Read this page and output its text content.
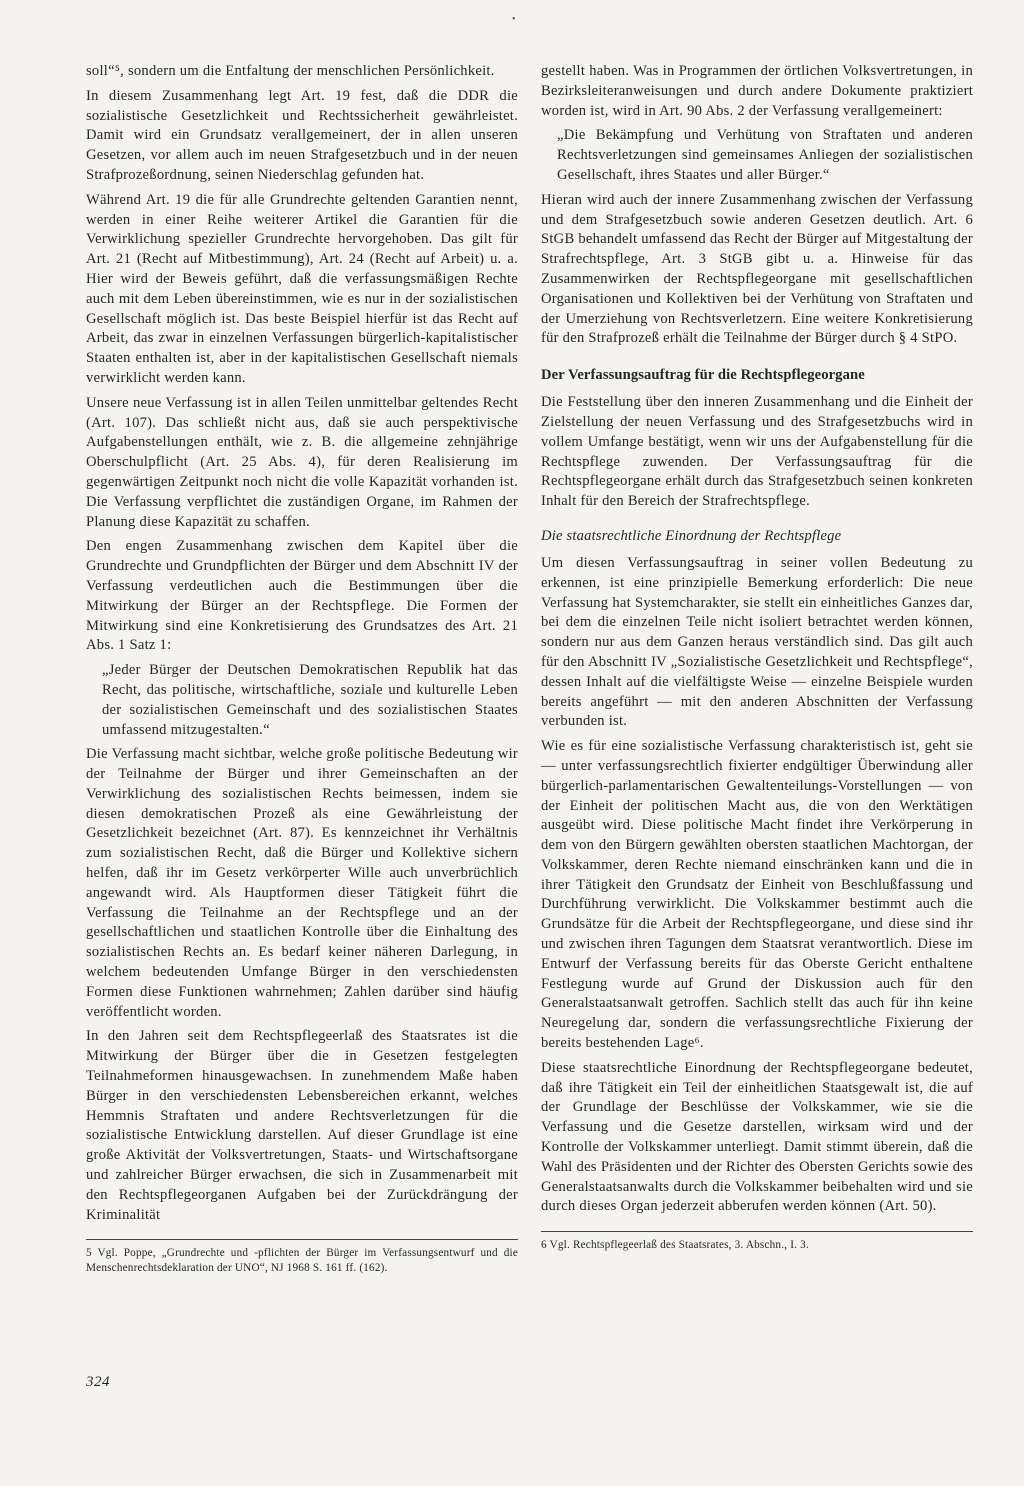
•

soll“⁵, sondern um die Entfaltung der menschlichen Persönlichkeit.

In diesem Zusammenhang legt Art. 19 fest, daß die DDR die sozialistische Gesetzlichkeit und Rechtssicherheit gewährleistet. Damit wird ein Grundsatz verallgemeinert, der in allen unseren Gesetzen, vor allem auch im neuen Strafgesetzbuch und in der neuen Strafprozeßordnung, seinen Niederschlag gefunden hat.

Während Art. 19 die für alle Grundrechte geltenden Garantien nennt, werden in einer Reihe weiterer Artikel die Garantien für die Verwirklichung spezieller Grundrechte hervorgehoben. Das gilt für Art. 21 (Recht auf Mitbestimmung), Art. 24 (Recht auf Arbeit) u. a. Hier wird der Beweis geführt, daß die verfassungsmäßigen Rechte auch mit dem Leben übereinstimmen, wie es nur in der sozialistischen Gesellschaft möglich ist. Das beste Beispiel hierfür ist das Recht auf Arbeit, das zwar in einzelnen Verfassungen bürgerlich-kapitalistischer Staaten enthalten ist, aber in der kapitalistischen Gesellschaft niemals verwirklicht werden kann.

Unsere neue Verfassung ist in allen Teilen unmittelbar geltendes Recht (Art. 107). Das schließt nicht aus, daß sie auch perspektivische Aufgabenstellungen enthält, wie z. B. die allgemeine zehnjährige Oberschulpflicht (Art. 25 Abs. 4), für deren Realisierung im gegenwärtigen Zeitpunkt noch nicht die volle Kapazität vorhanden ist. Die Verfassung verpflichtet die zuständigen Organe, im Rahmen der Planung diese Kapazität zu schaffen.

Den engen Zusammenhang zwischen dem Kapitel über die Grundrechte und Grundpflichten der Bürger und dem Abschnitt IV der Verfassung verdeutlichen auch die Bestimmungen über die Mitwirkung der Bürger an der Rechtspflege. Die Formen der Mitwirkung sind eine Konkretisierung des Grundsatzes des Art. 21 Abs. 1 Satz 1:

„Jeder Bürger der Deutschen Demokratischen Republik hat das Recht, das politische, wirtschaftliche, soziale und kulturelle Leben der sozialistischen Gemeinschaft und des sozialistischen Staates umfassend mitzugestalten.“

Die Verfassung macht sichtbar, welche große politische Bedeutung wir der Teilnahme der Bürger und ihrer Gemeinschaften an der Verwirklichung des sozialistischen Rechts beimessen, indem sie diesen demokratischen Prozeß als eine Gewährleistung der Gesetzlichkeit bezeichnet (Art. 87). Es kennzeichnet ihr Verhältnis zum sozialistischen Recht, daß die Bürger und Kollektive sichern helfen, daß ihr im Gesetz verkörperter Wille auch unverbrüchlich angewandt wird. Als Hauptformen dieser Tätigkeit führt die Verfassung die Teilnahme an der Rechtspflege und an der gesellschaftlichen und staatlichen Kontrolle über die Einhaltung des sozialistischen Rechts an. Es bedarf keiner näheren Darlegung, in welchem bedeutenden Umfange Bürger in den verschiedensten Formen diese Funktionen wahrnehmen; Zahlen darüber sind häufig veröffentlicht worden.

In den Jahren seit dem Rechtspflegeerlaß des Staatsrates ist die Mitwirkung der Bürger über die in Gesetzen festgelegten Teilnahmeformen hinausgewachsen. In zunehmendem Maße haben Bürger in den verschiedensten Lebensbereichen erkannt, welches Hemmnis Straftaten und andere Rechtsverletzungen für die sozialistische Entwicklung darstellen. Auf dieser Grundlage ist eine große Aktivität der Volksvertretungen, Staats- und Wirtschaftsorgane und zahlreicher Bürger erwachsen, die sich in Zusammenarbeit mit den Rechtspflegeorganen Aufgaben bei der Zurückdrängung der Kriminalität

5 Vgl. Poppe, „Grundrechte und -pflichten der Bürger im Verfassungsentwurf und die Menschenrechtsdeklaration der UNO“, NJ 1968 S. 161 ff. (162).

gestellt haben. Was in Programmen der örtlichen Volksvertretungen, in Bezirksleiteranweisungen und durch andere Dokumente praktiziert worden ist, wird in Art. 90 Abs. 2 der Verfassung verallgemeinert:

„Die Bekämpfung und Verhütung von Straftaten und anderen Rechtsverletzungen sind gemeinsames Anliegen der sozialistischen Gesellschaft, ihres Staates und aller Bürger.“

Hieran wird auch der innere Zusammenhang zwischen der Verfassung und dem Strafgesetzbuch sowie anderen Gesetzen deutlich. Art. 6 StGB behandelt umfassend das Recht der Bürger auf Mitgestaltung der Strafrechtspflege, Art. 3 StGB gibt u. a. Hinweise für das Zusammenwirken der Rechtspflegeorgane mit gesellschaftlichen Organisationen und Kollektiven bei der Verhütung von Straftaten und der Umerziehung von Rechtsverletzern. Eine weitere Konkretisierung für den Strafprozeß erhält die Teilnahme der Bürger durch § 4 StPO.

Der Verfassungsauftrag für die Rechtspflegeorgane

Die Feststellung über den inneren Zusammenhang und die Einheit der Zielstellung der neuen Verfassung und des Strafgesetzbuchs wird in vollem Umfange bestätigt, wenn wir uns der Aufgabenstellung für die Rechtspflege zuwenden. Der Verfassungsauftrag für die Rechtspflegeorgane erhält durch das Strafgesetzbuch seinen konkreten Inhalt für den Bereich der Strafrechtspflege.

Die staatsrechtliche Einordnung der Rechtspflege

Um diesen Verfassungsauftrag in seiner vollen Bedeutung zu erkennen, ist eine prinzipielle Bemerkung erforderlich: Die neue Verfassung hat Systemcharakter, sie stellt ein einheitliches Ganzes dar, bei dem die einzelnen Teile nicht isoliert betrachtet werden können, sondern nur aus dem Ganzen heraus verständlich sind. Das gilt auch für den Abschnitt IV „Sozialistische Gesetzlichkeit und Rechtspflege“, dessen Inhalt auf die vielfältigste Weise — einzelne Beispiele wurden bereits angeführt — mit den anderen Abschnitten der Verfassung verbunden ist.

Wie es für eine sozialistische Verfassung charakteristisch ist, geht sie — unter verfassungsrechtlich fixierter endgültiger Überwindung aller bürgerlich-parlamentarischen Gewaltenteilungs-Vorstellungen — von der Einheit der politischen Macht aus, die von den Werktätigen ausgeübt wird. Diese politische Macht findet ihre Verkörperung in dem von den Bürgern gewählten obersten staatlichen Machtorgan, der Volkskammer, deren Rechte niemand einschränken kann und die in ihrer Tätigkeit den Grundsatz der Einheit von Beschlußfassung und Durchführung verwirklicht. Die Volkskammer bestimmt auch die Grundsätze für die Arbeit der Rechtspflegeorgane, und diese sind ihr und zwischen ihren Tagungen dem Staatsrat verantwortlich. Diese im Entwurf der Verfassung bereits für das Oberste Gericht enthaltene Festlegung wurde auf Grund der Diskussion auch für den Generalstaatsanwalt getroffen. Sachlich stellt das auch für ihn keine Neuregelung dar, sondern die verfassungsrechtliche Fixierung der bereits bestehenden Lage⁶.

Diese staatsrechtliche Einordnung der Rechtspflegeorgane bedeutet, daß ihre Tätigkeit ein Teil der einheitlichen Staatsgewalt ist, die auf der Grundlage der Beschlüsse der Volkskammer, wie sie die Verfassung und die Gesetze darstellen, wirksam wird und der Kontrolle der Volkskammer unterliegt. Damit stimmt überein, daß die Wahl des Präsidenten und der Richter des Obersten Gerichts sowie des Generalstaatsanwalts durch die Volkskammer beibehalten wird und sie durch dieses Organ jederzeit abberufen werden können (Art. 50).

6 Vgl. Rechtspflegeerlaß des Staatsrates, 3. Abschn., I. 3.

324
